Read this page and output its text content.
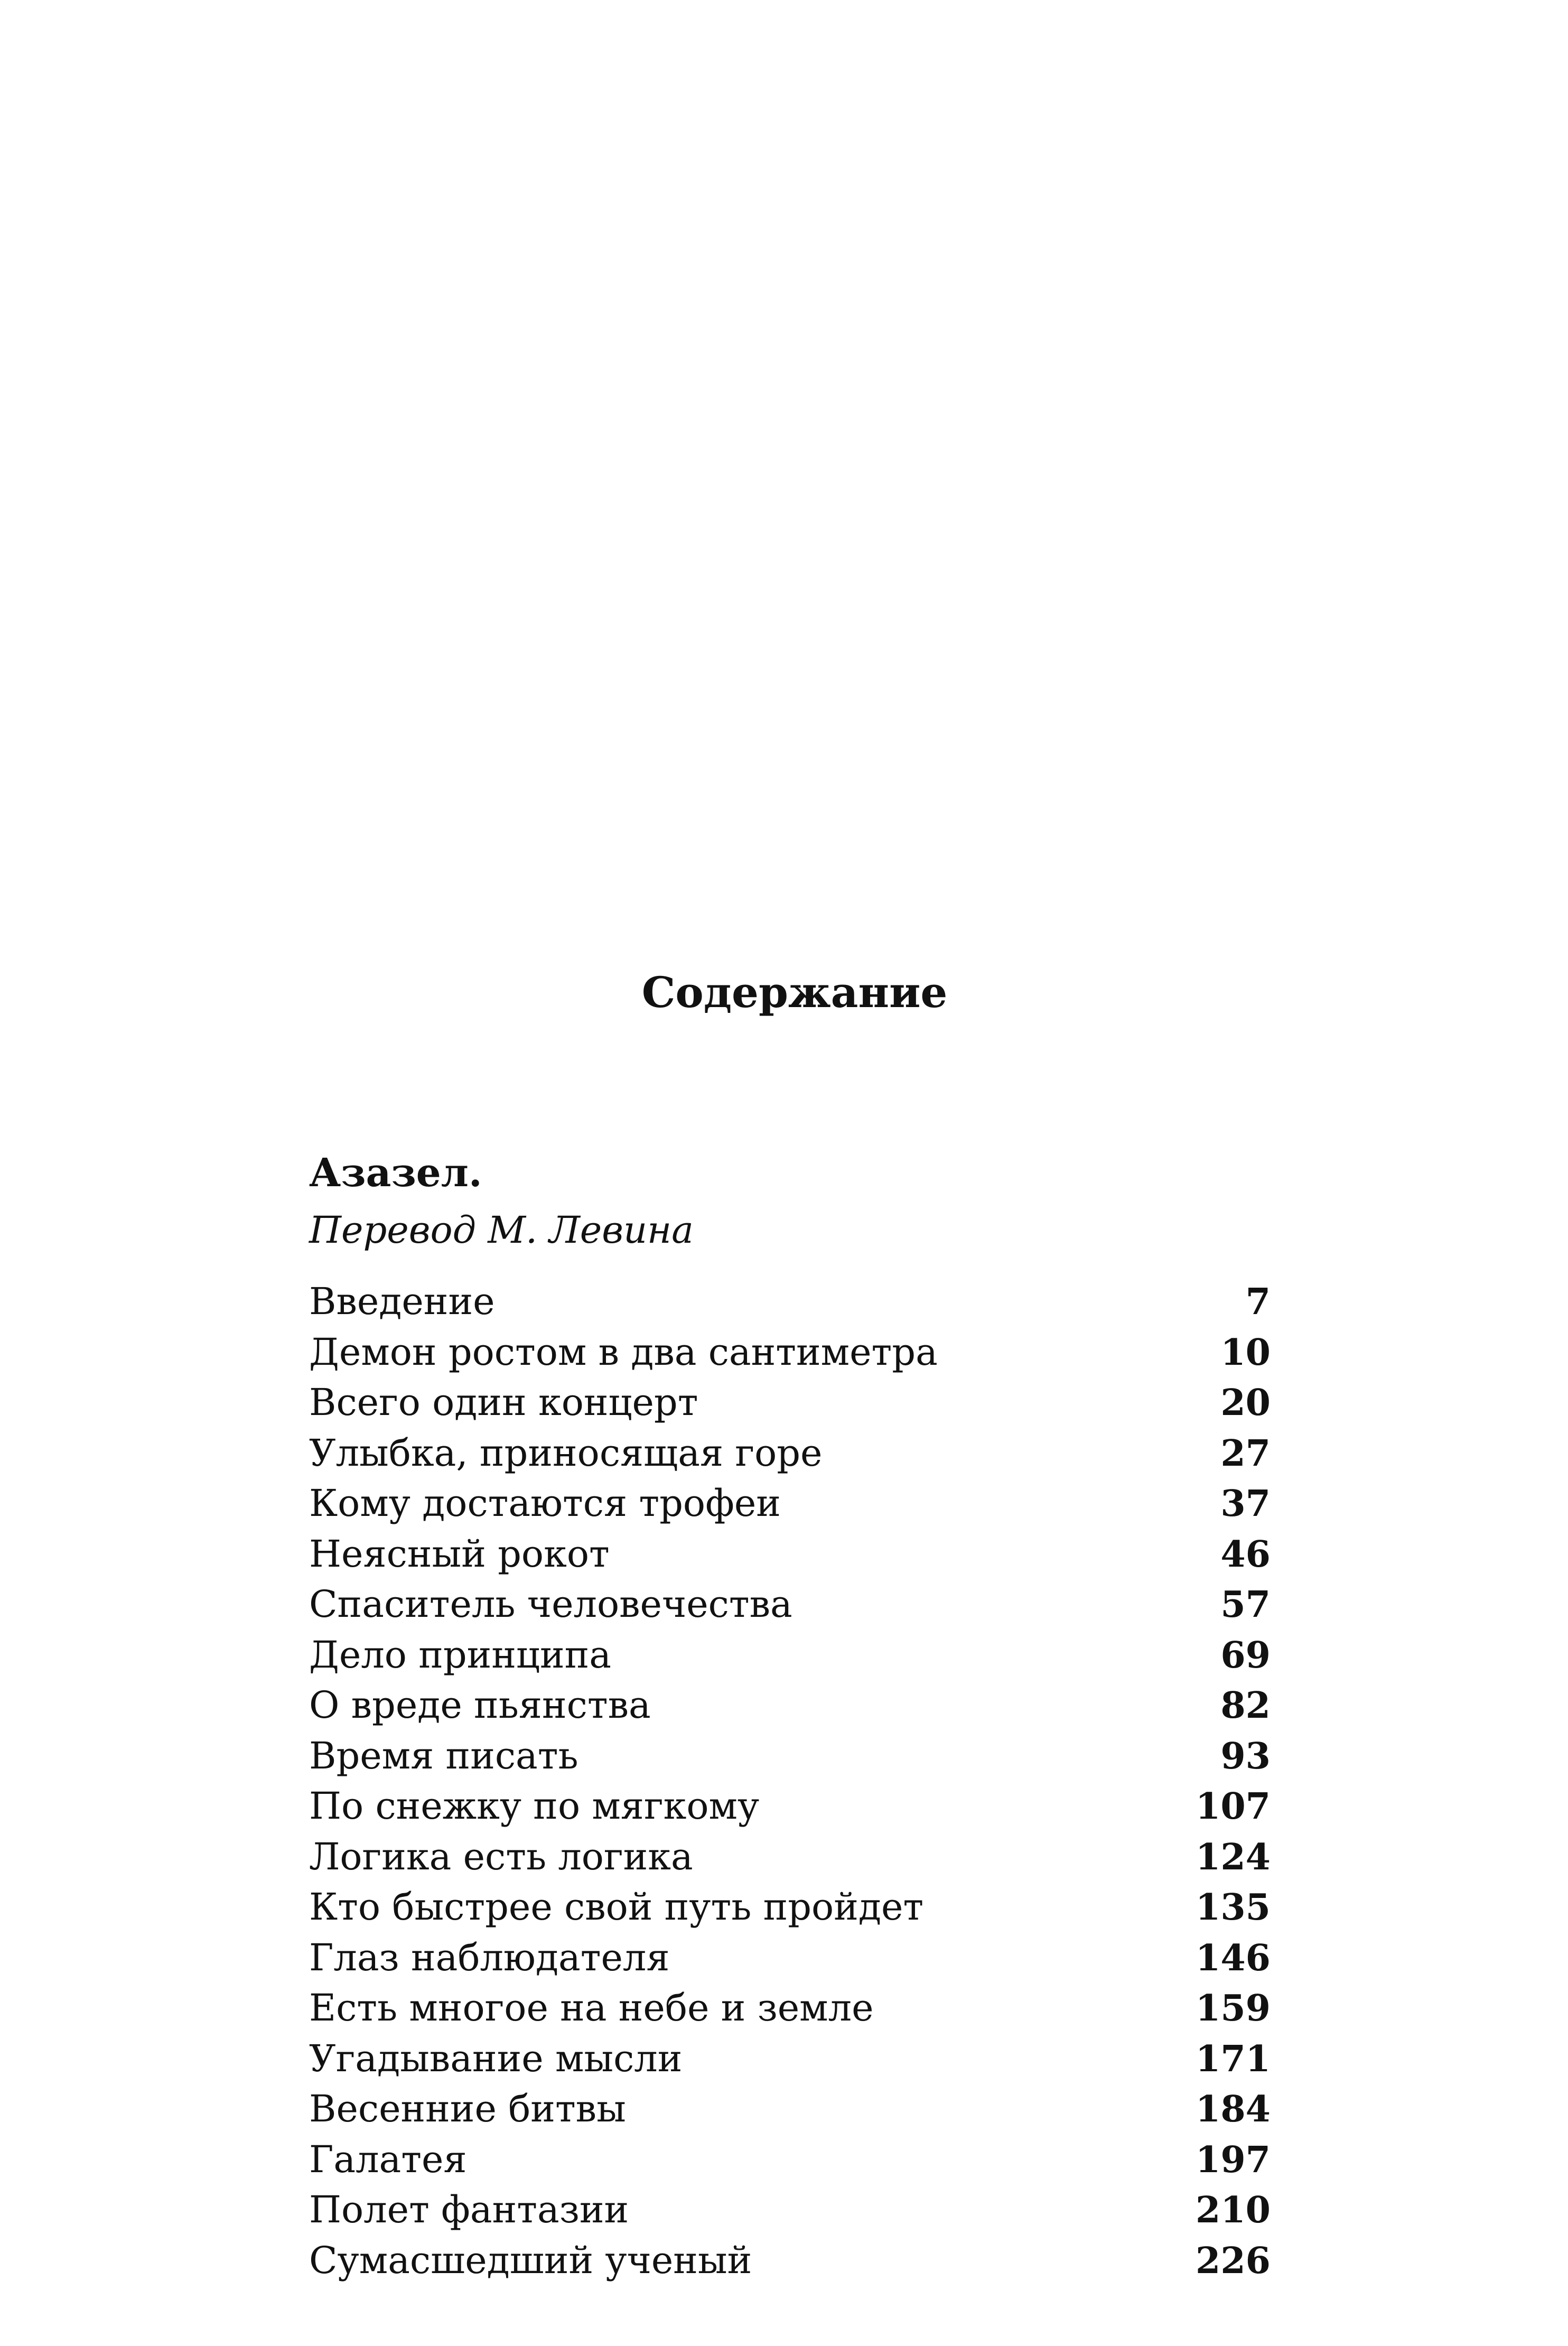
Содержание
Азазел.
Перевод М. Левина
Введение	7
Демон ростом в два сантиметра	10
Всего один концерт	20
Улыбка, приносящая горе	27
Кому достаются трофеи	37
Неясный рокот	46
Спаситель человечества	57
Дело принципа	69
О вреде пьянства	82
Время писать	93
По снежку по мягкому	107
Логика есть логика	124
Кто быстрее свой путь пройдет	135
Глаз наблюдателя	146
Есть многое на небе и земле	159
Угадывание мысли	171
Весенние битвы	184
Галатея	197
Полет фантазии	210
Сумасшедший ученый	226
